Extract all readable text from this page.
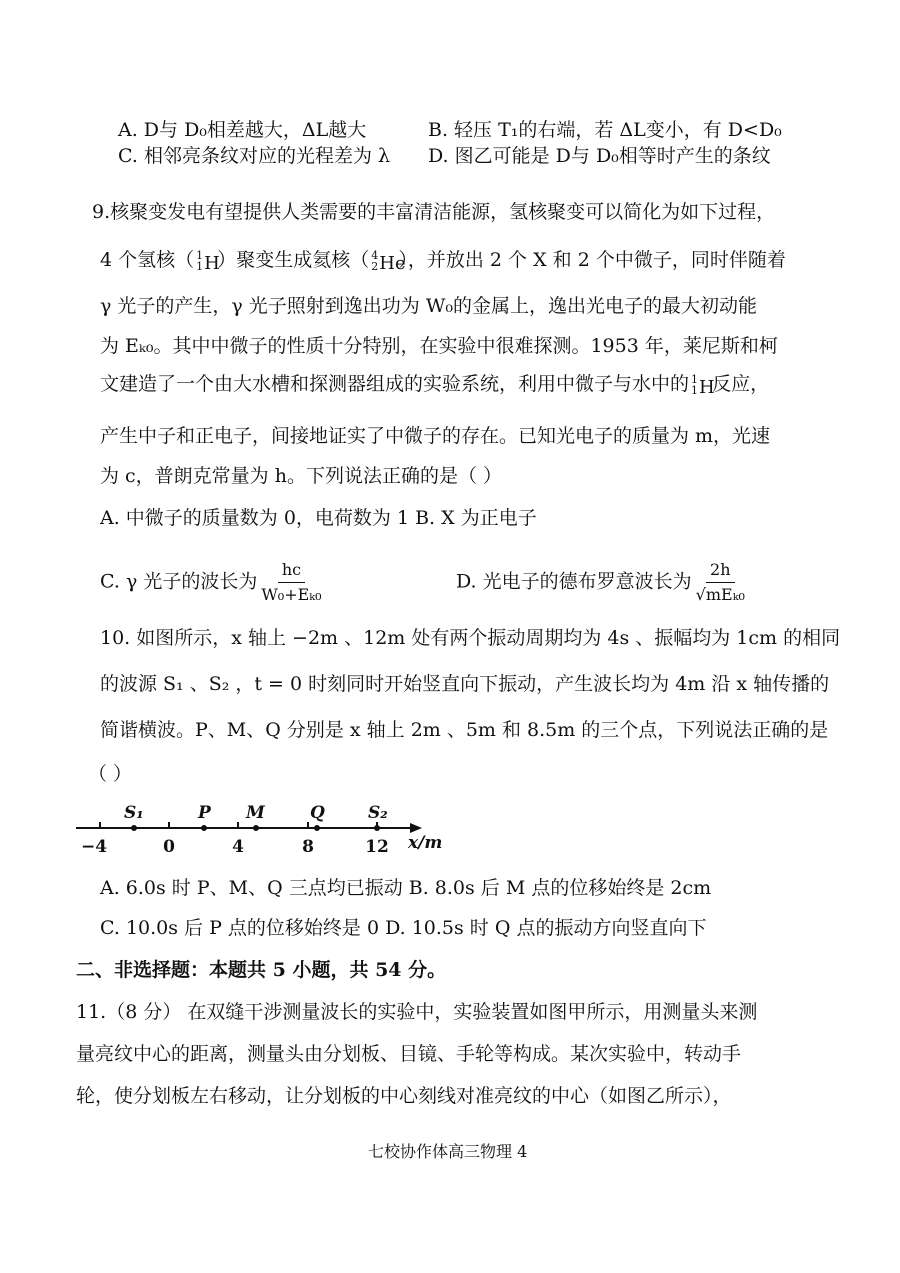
A. D与 D₀相差越大，ΔL越大	B. 轻压 T₁的右端，若 ΔL变小，有 D<D₀
C. 相邻亮条纹对应的光程差为 λ D. 图乙可能是 D与 D₀相等时产生的条纹
9.核聚变发电有望提供人类需要的丰富清洁能源，氢核聚变可以简化为如下过程，
4 个氢核（ 1
1 H
）聚变生成氦核（ 4
2 He
），并放出 2 个 X 和 2 个中微子，同时伴随着
γ 光子的产生，γ 光子照射到逸出功为 W₀的金属上，逸出光电子的最大初动能
为 Eₖ₀。其中中微子的性质十分特别，在实验中很难探测。1953 年，莱尼斯和柯
文建造了一个由大水槽和探测器组成的实验系统，利用中微子与水中的 1
1 H
反应，
产生中子和正电子，间接地证实了中微子的存在。已知光电子的质量为 m，光速
为 c，普朗克常量为 h。下列说法正确的是（ ）
A. 中微子的质量数为 0，电荷数为 1 B. X 为正电子
C. γ 光子的波长为 $\frac{hc}{\text{W₀+Eₖ₀}}$	D. 光电子的德布罗意波长为 $\frac{2h}{\text{√mEₖ₀}}$
10. 如图所示，x 轴上 −2m 、12m 处有两个振动周期均为 4s 、振幅均为 1cm 的相同
的波源 S₁ 、S₂ ，t = 0 时刻同时开始竖直向下振动，产生波长均为 4m 沿 x 轴传播的
简谐横波。P、M、Q 分别是 x 轴上 2m 、5m 和 8.5m 的三个点，下列说法正确的是
（ ）
S₁	P M	Q	S₂
−4	0	4	8	12 x/m
A. 6.0s 时 P、M、Q 三点均已振动 B. 8.0s 后 M 点的位移始终是 2cm
C. 10.0s 后 P 点的位移始终是 0 D. 10.5s 时 Q 点的振动方向竖直向下
二、非选择题：本题共 5 小题，共 54 分。
11.（8 分） 在双缝干涉测量波长的实验中，实验装置如图甲所示，用测量头来测
量亮纹中心的距离，测量头由分划板、目镜、手轮等构成。某次实验中，转动手
轮，使分划板左右移动，让分划板的中心刻线对准亮纹的中心（如图乙所示），
七校协作体高三物理 4
